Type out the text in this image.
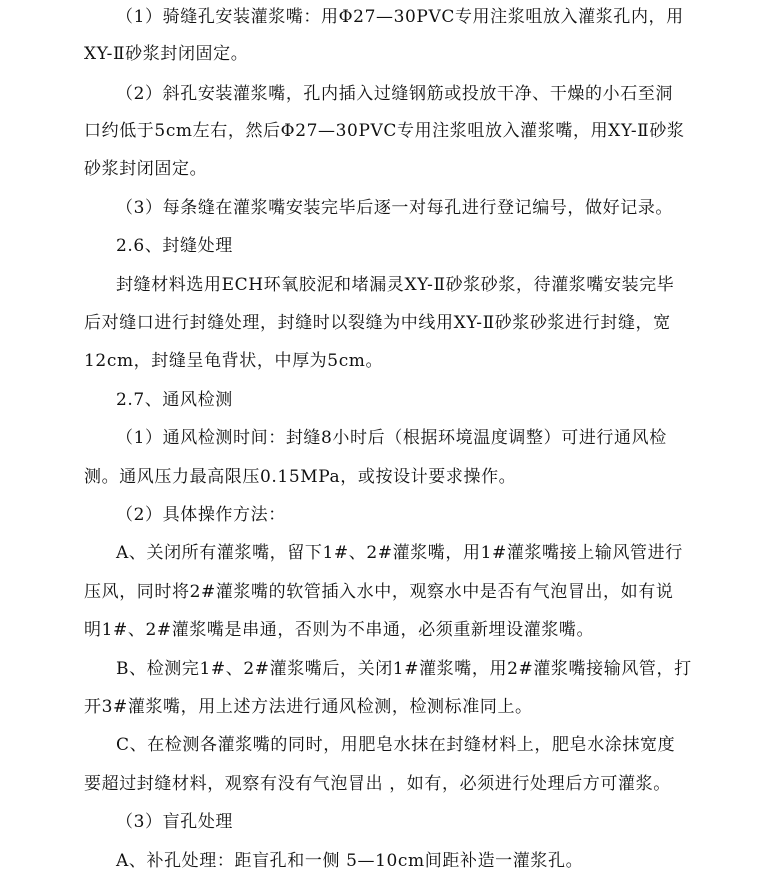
（1）骑缝孔安装灌浆嘴：用Φ27—30PVC专用注浆咀放入灌浆孔内，用
XY-Ⅱ砂浆封闭固定。
（2）斜孔安装灌浆嘴，孔内插入过缝钢筋或投放干净、干燥的小石至洞
口约低于5cm左右，然后Φ27—30PVC专用注浆咀放入灌浆嘴，用XY-Ⅱ砂浆
砂浆封闭固定。
（3）每条缝在灌浆嘴安装完毕后逐一对每孔进行登记编号，做好记录。
2.6、封缝处理
封缝材料选用ECH环氧胶泥和堵漏灵XY-Ⅱ砂浆砂浆，待灌浆嘴安装完毕
后对缝口进行封缝处理，封缝时以裂缝为中线用XY-Ⅱ砂浆砂浆进行封缝，宽
12cm，封缝呈龟背状，中厚为5cm。
2.7、通风检测
（1）通风检测时间：封缝8小时后（根据环境温度调整）可进行通风检
测。通风压力最高限压0.15MPa，或按设计要求操作。
（2）具体操作方法：
A、关闭所有灌浆嘴，留下1#、2#灌浆嘴，用1#灌浆嘴接上输风管进行
压风，同时将2#灌浆嘴的软管插入水中，观察水中是否有气泡冒出，如有说
明1#、2#灌浆嘴是串通，否则为不串通，必须重新埋设灌浆嘴。
B、检测完1#、2#灌浆嘴后，关闭1#灌浆嘴，用2#灌浆嘴接输风管，打
开3#灌浆嘴，用上述方法进行通风检测，检测标准同上。
C、在检测各灌浆嘴的同时，用肥皂水抹在封缝材料上，肥皂水涂抹宽度
要超过封缝材料，观察有没有气泡冒出 ，如有，必须进行处理后方可灌浆。
（3）盲孔处理
A、补孔处理：距盲孔和一侧 5—10cm间距补造一灌浆孔。
